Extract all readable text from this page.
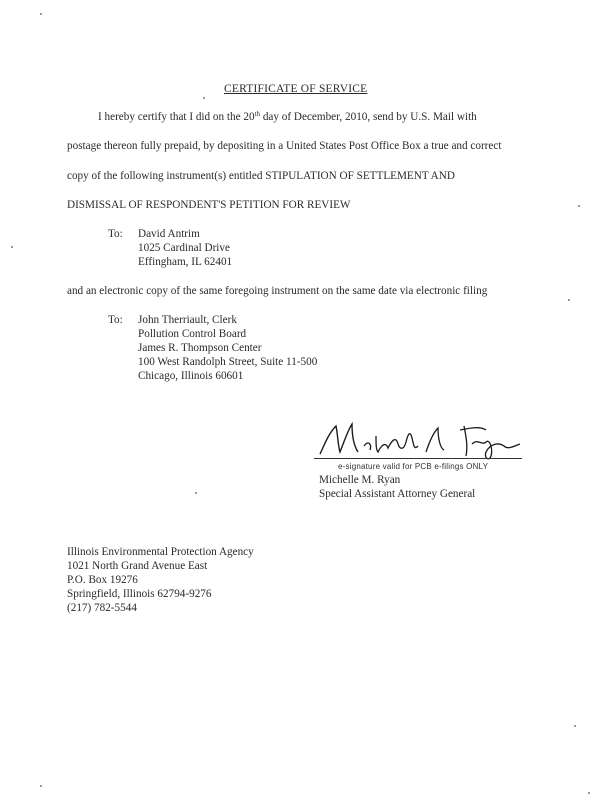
CERTIFICATE OF SERVICE
I hereby certify that I did on the 20th day of December, 2010, send by U.S. Mail with
postage thereon fully prepaid, by depositing in a United States Post Office Box a true and correct
copy of the following instrument(s) entitled STIPULATION OF SETTLEMENT AND
DISMISSAL OF RESPONDENT'S PETITION FOR REVIEW
To: David Antrim
1025 Cardinal Drive
Effingham, IL 62401
and an electronic copy of the same foregoing instrument on the same date via electronic filing
To: John Therriault, Clerk
Pollution Control Board
James R. Thompson Center
100 West Randolph Street, Suite 11-500
Chicago, Illinois 60601
e-signature valid for PCB e-filings ONLY
Michelle M. Ryan
Special Assistant Attorney General
Illinois Environmental Protection Agency
1021 North Grand Avenue East
P.O. Box 19276
Springfield, Illinois 62794-9276
(217) 782-5544
